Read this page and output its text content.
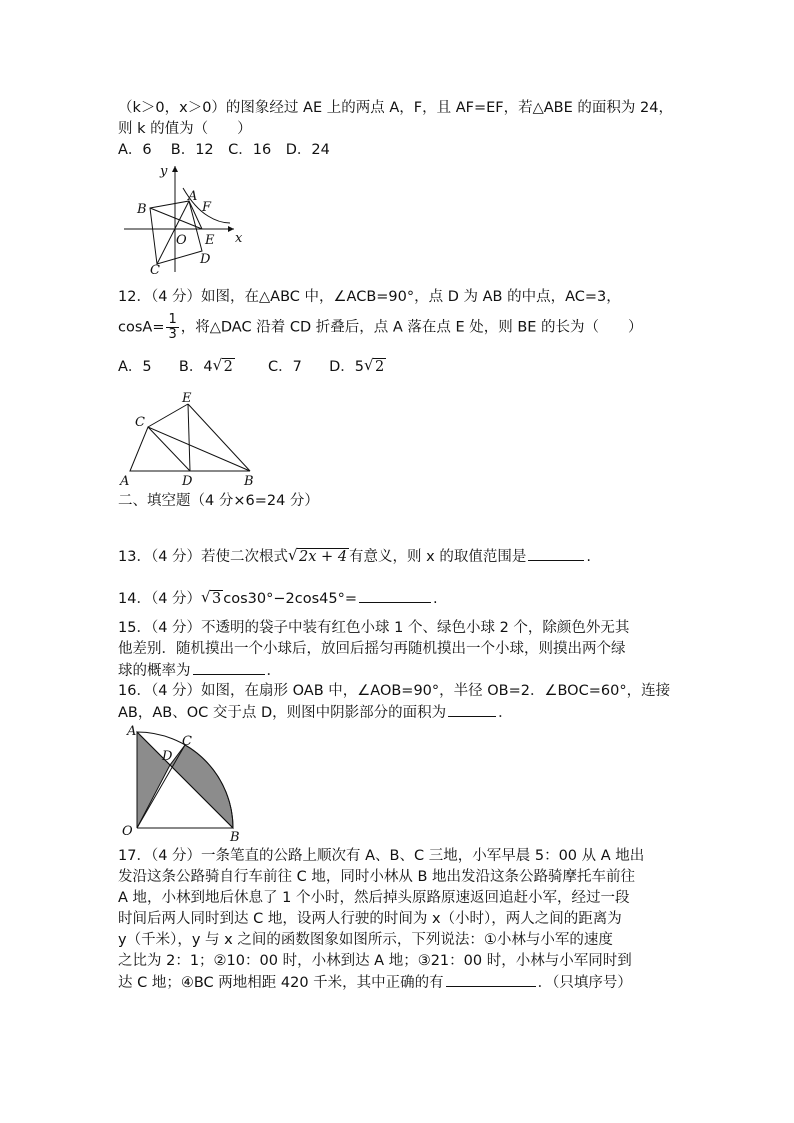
（k＞0，x＞0）的图象经过 AE 上的两点 A，F，且 AF=EF，若△ABE 的面积为 24，
则 k 的值为（　　）
A．6　 B．12　C．16　D．24
y
x
A
B	F
O E
C
D
12．（4 分）如图，在△ABC 中，∠ACB=90°，点 D 为 AB 的中点，AC=3，
$\cos A= \frac{1}{3}$ ，将△DAC 沿着 CD 折叠后，点 A 落在点 E 处，则 BE 的长为（　　）
A．5 B．4 √ 2 C．7 D．5 √ 2
A	D	B
C
E
二、填空题（4 分×6=24 分）
13．（4 分）若使二次根式 √ 2x + 4 有意义，则 x 的取值范围是	.
14．（4 分） √ 3 cos30°−2cos45°=	.
15．（4 分）不透明的袋子中装有红色小球 1 个、绿色小球 2 个，除颜色外无其
他差别．随机摸出一个小球后，放回后摇匀再随机摸出一个小球，则摸出两个绿
球的概率为	．
16．（4 分）如图，在扇形 OAB 中，∠AOB=90°，半径 OB=2．∠BOC=60°，连接
AB，AB、OC 交于点 D，则图中阴影部分的面积为	．
A
D
C
O	B
17．（4 分）一条笔直的公路上顺次有 A、B、C 三地，小军早晨 5：00 从 A 地出
发沿这条公路骑自行车前往 C 地，同时小林从 B 地出发沿这条公路骑摩托车前往
A 地，小林到地后休息了 1 个小时，然后掉头原路原速返回追赶小军，经过一段
时间后两人同时到达 C 地，设两人行驶的时间为 x（小时），两人之间的距离为
y（千米），y 与 x 之间的函数图象如图所示，下列说法：①小林与小军的速度
之比为 2：1；②10：00 时，小林到达 A 地；③21：00 时，小林与小军同时到
达 C 地；④BC 两地相距 420 千米，其中正确的有	．（只填序号）
